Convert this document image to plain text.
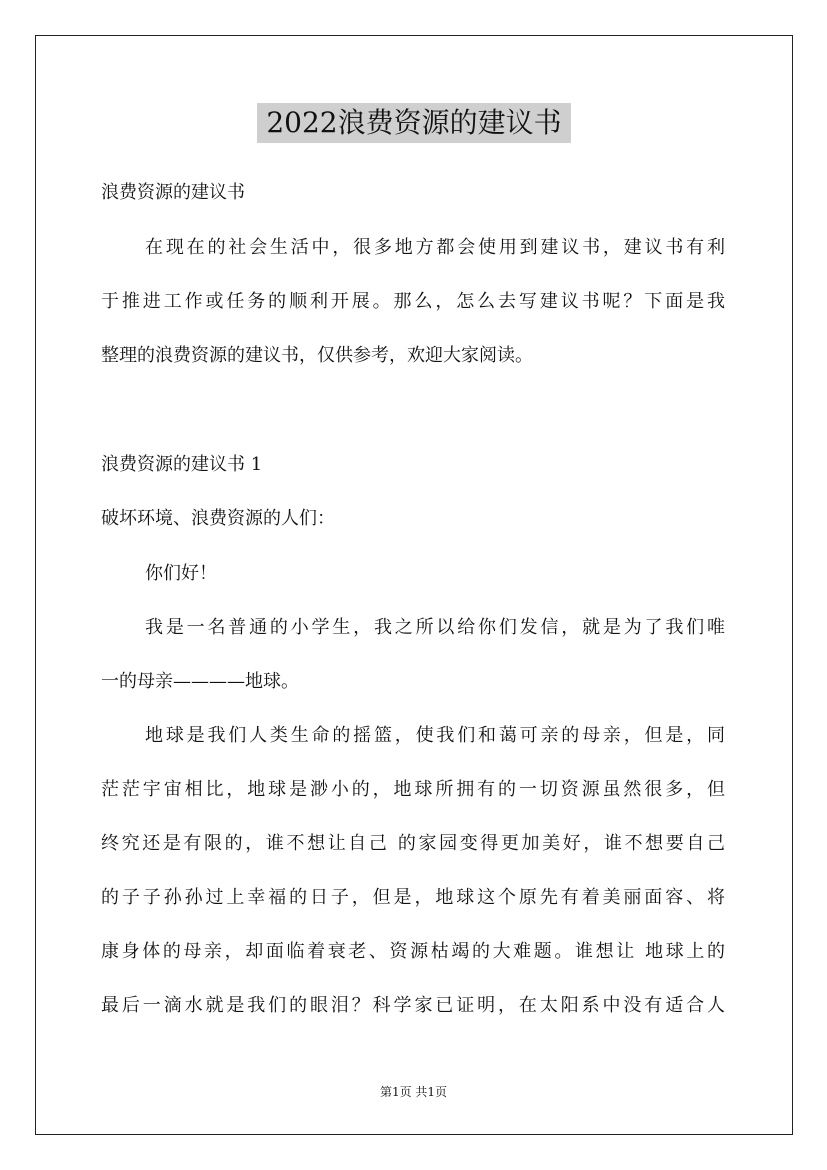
2022浪费资源的建议书
浪费资源的建议书
在现在的社会生活中，很多地方都会使用到建议书，建议书有利
于推进工作或任务的顺利开展。那么，怎么去写建议书呢？下面是我
整理的浪费资源的建议书，仅供参考，欢迎大家阅读。
浪费资源的建议书 1
破坏环境、浪费资源的人们：
你们好！
我是一名普通的小学生，我之所以给你们发信，就是为了我们唯
一的母亲————地球。
地球是我们人类生命的摇篮，使我们和蔼可亲的母亲，但是，同
茫茫宇宙相比，地球是渺小的，地球所拥有的一切资源虽然很多，但
终究还是有限的，谁不想让自己 的家园变得更加美好，谁不想要自己
的子子孙孙过上幸福的日子，但是，地球这个原先有着美丽面容、将
康身体的母亲，却面临着衰老、资源枯竭的大难题。谁想让 地球上的
最后一滴水就是我们的眼泪？科学家已证明，在太阳系中没有适合人
第1页 共1页
